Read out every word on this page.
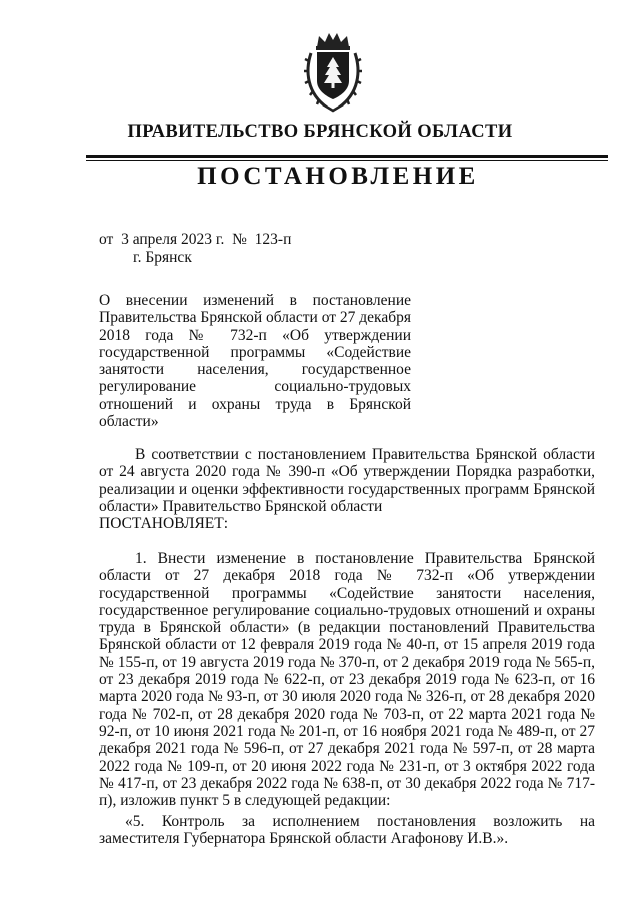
ПРАВИТЕЛЬСТВО БРЯНСКОЙ ОБЛАСТИ
ПОСТАНОВЛЕНИЕ
от  3 апреля 2023 г.  №  123-п
г. Брянск
О внесении изменений в постановление Правительства Брянской области от 27 декабря 2018 года № 732-п «Об утверждении государственной программы «Содействие занятости населения, государственное регулирование социально-трудовых отношений и охраны труда в Брянской области»
В соответствии с постановлением Правительства Брянской области от 24 августа 2020 года № 390-п «Об утверждении Порядка разработки, реализации и оценки эффективности государственных программ Брянской области» Правительство Брянской области
ПОСТАНОВЛЯЕТ:
1. Внести изменение в постановление Правительства Брянской области от 27 декабря 2018 года № 732-п «Об утверждении государственной программы «Содействие занятости населения, государственное регулирование социально-трудовых отношений и охраны труда в Брянской области» (в редакции постановлений Правительства Брянской области от 12 февраля 2019 года № 40-п, от 15 апреля 2019 года № 155-п, от 19 августа 2019 года № 370-п, от 2 декабря 2019 года № 565-п, от 23 декабря 2019 года № 622-п, от 23 декабря 2019 года № 623-п, от 16 марта 2020 года № 93-п, от 30 июля 2020 года № 326-п, от 28 декабря 2020 года № 702-п, от 28 декабря 2020 года № 703-п, от 22 марта 2021 года № 92-п, от 10 июня 2021 года № 201-п, от 16 ноября 2021 года № 489-п, от 27 декабря 2021 года № 596-п, от 27 декабря 2021 года № 597-п, от 28 марта 2022 года № 109-п, от 20 июня 2022 года № 231-п, от 3 октября 2022 года № 417-п, от 23 декабря 2022 года № 638-п, от 30 декабря 2022 года № 717-п), изложив пункт 5 в следующей редакции:
«5. Контроль за исполнением постановления возложить на заместителя Губернатора Брянской области Агафонову И.В.».
